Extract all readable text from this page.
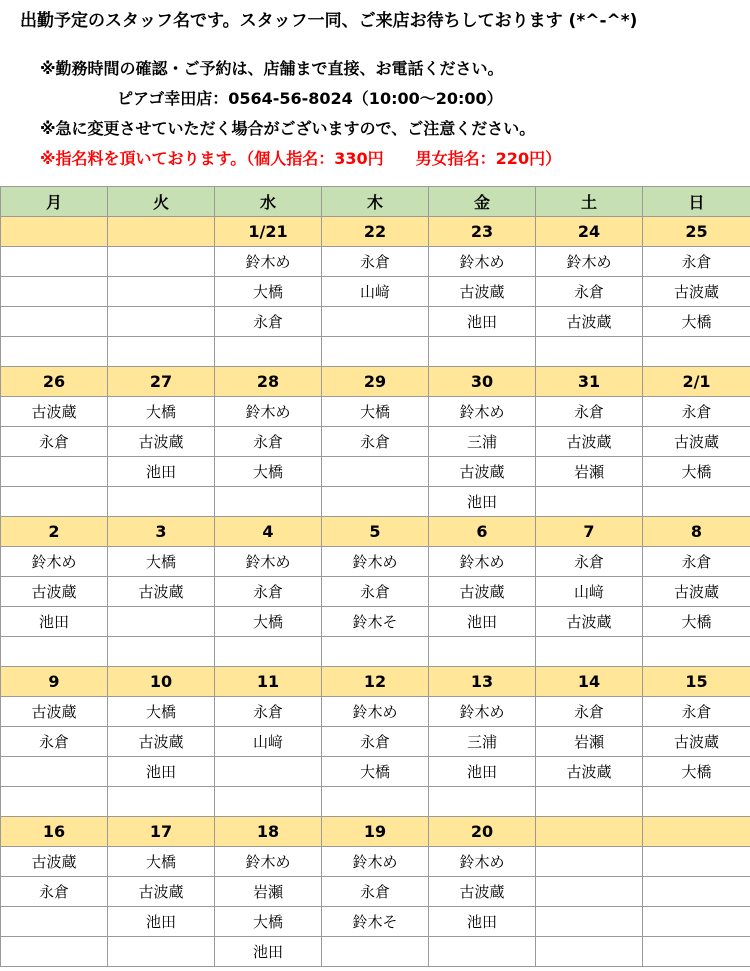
出勤予定のスタッフ名です。スタッフ一同、ご来店お待ちしております (*^-^*)
※勤務時間の確認・ご予約は、店舗まで直接、お電話ください。
ピアゴ幸田店：0564-56-8024（10:00～20:00）
※急に変更させていただく場合がございますので、ご注意ください。
※指名料を頂いております。（個人指名：330円　　男女指名：220円）
月	火	水	木	金	土	日
		1/21	22	23	24	25
		鈴木め	永倉	鈴木め	鈴木め	永倉
		大橋	山﨑	古波蔵	永倉	古波蔵
		永倉		池田	古波蔵	大橋

26	27	28	29	30	31	2/1
古波蔵	大橋	鈴木め	大橋	鈴木め	永倉	永倉
永倉	古波蔵	永倉	永倉	三浦	古波蔵	古波蔵
	池田	大橋		古波蔵	岩瀬	大橋
				池田		
2	3	4	5	6	7	8
鈴木め	大橋	鈴木め	鈴木め	鈴木め	永倉	永倉
古波蔵	古波蔵	永倉	永倉	古波蔵	山﨑	古波蔵
池田		大橋	鈴木そ	池田	古波蔵	大橋

9	10	11	12	13	14	15
古波蔵	大橋	永倉	鈴木め	鈴木め	永倉	永倉
永倉	古波蔵	山﨑	永倉	三浦	岩瀬	古波蔵
	池田		大橋	池田	古波蔵	大橋

16	17	18	19	20		
古波蔵	大橋	鈴木め	鈴木め	鈴木め		
永倉	古波蔵	岩瀬	永倉	古波蔵		
	池田	大橋	鈴木そ	池田		
		池田				
